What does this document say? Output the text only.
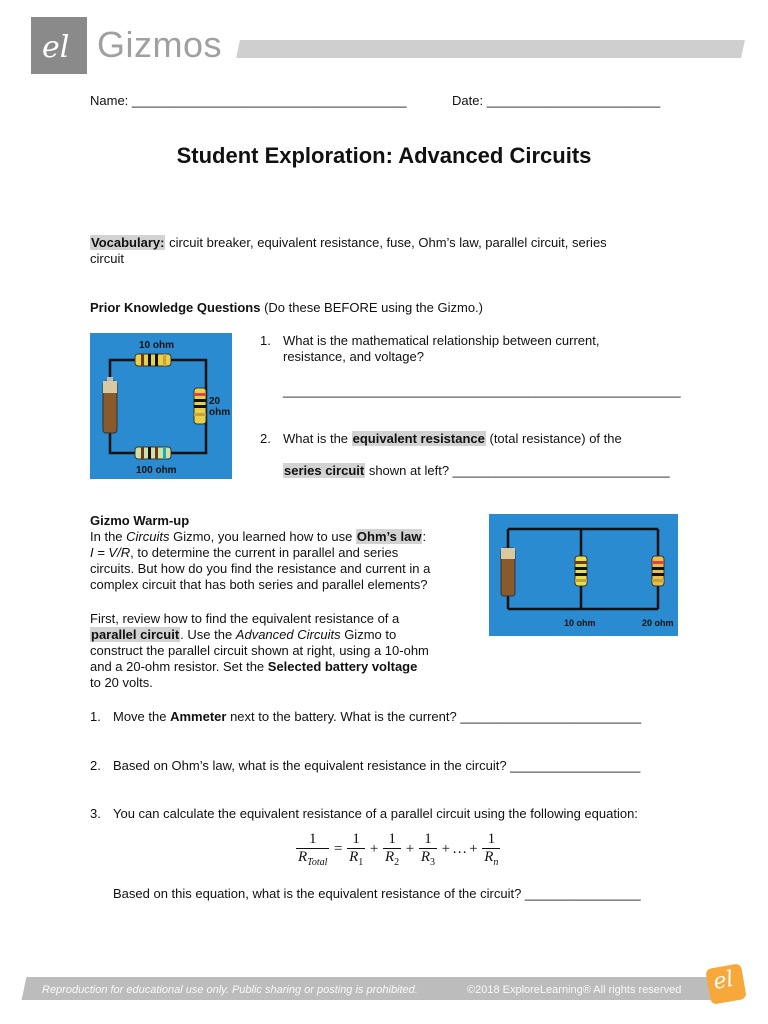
el Gizmos
Name: ______________________________________	Date: ________________________
Student Exploration: Advanced Circuits
Vocabulary: circuit breaker, equivalent resistance, fuse, Ohm’s law, parallel circuit, series
circuit
Prior Knowledge Questions (Do these BEFORE using the Gizmo.)
10 ohm
20
ohm
100 ohm
1. What is the mathematical relationship between current,
resistance, and voltage?
_______________________________________________________
2. What is the equivalent resistance (total resistance) of the
series circuit shown at left? ______________________________
Gizmo Warm-up
In the Circuits Gizmo, you learned how to use Ohm’s law:
I = V/R, to determine the current in parallel and series
circuits. But how do you find the resistance and current in a
complex circuit that has both series and parallel elements?
First, review how to find the equivalent resistance of a
parallel circuit. Use the Advanced Circuits Gizmo to
construct the parallel circuit shown at right, using a 10-ohm
and a 20-ohm resistor. Set the Selected battery voltage
to 20 volts.
10 ohm	20 ohm
1. Move the Ammeter next to the battery. What is the current? _________________________
2. Based on Ohm’s law, what is the equivalent resistance in the circuit? __________________
3. You can calculate the equivalent resistance of a parallel circuit using the following equation:
$\frac{1}{R_{Total}} = \frac{1}{R_1} + \frac{1}{R_2} + \frac{1}{R_3}$ + … + $\frac{1}{R_n}$
Based on this equation, what is the equivalent resistance of the circuit? ________________
Reproduction for educational use only. Public sharing or posting is prohibited.	©2018 ExploreLearning® All rights reserved el
